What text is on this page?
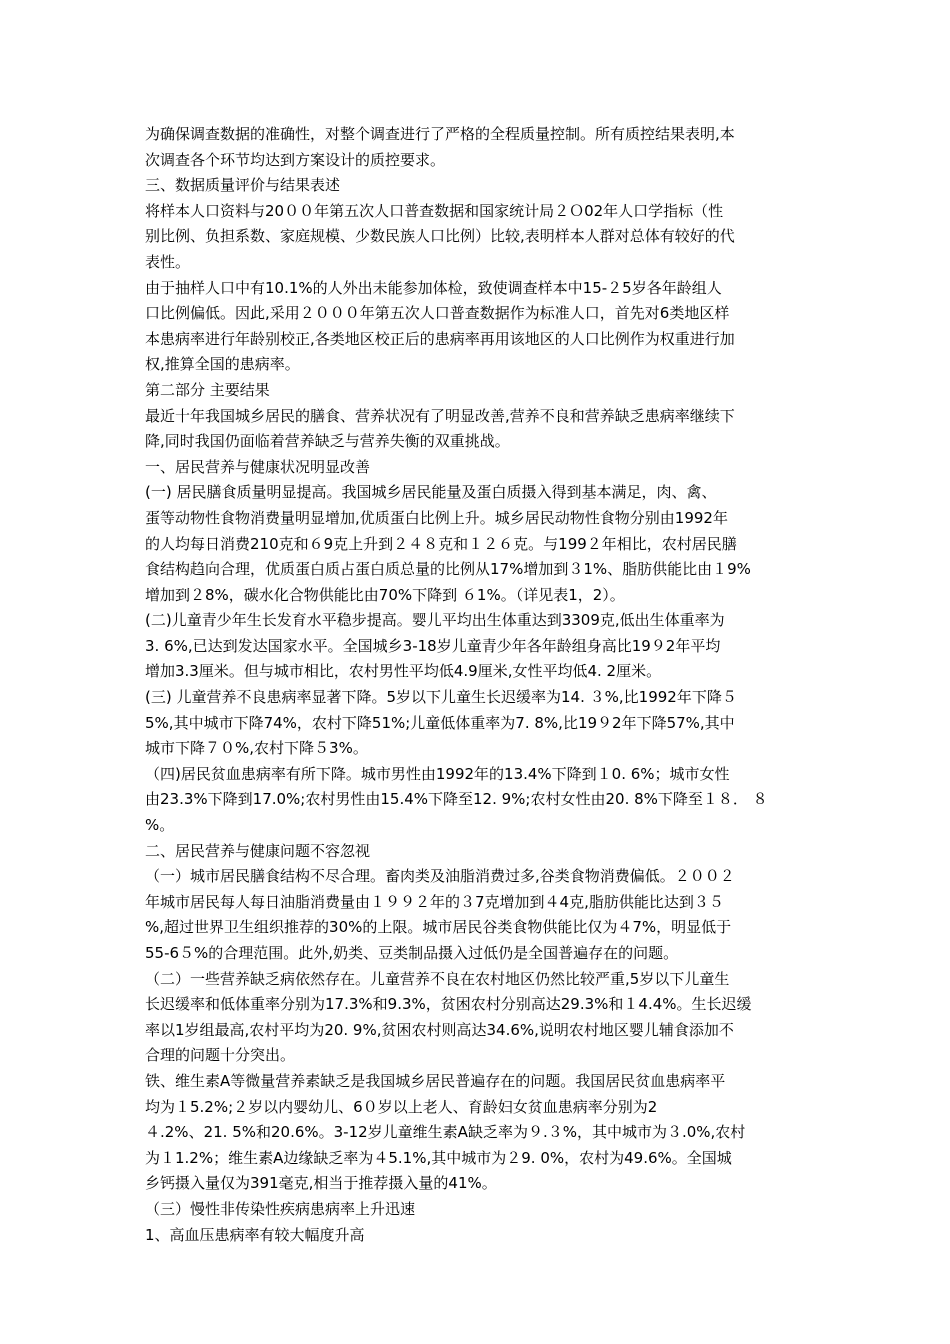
为确保调查数据的准确性，对整个调查进行了严格的全程质量控制。所有质控结果表明,本
次调查各个环节均达到方案设计的质控要求。
三、数据质量评价与结果表述
将样本人口资料与20００年第五次人口普查数据和国家统计局２Ｏ02年人口学指标（性
别比例、负担系数、家庭规模、少数民族人口比例）比较,表明样本人群对总体有较好的代
表性。
由于抽样人口中有10.1%的人外出未能参加体检，致使调查样本中15-２5岁各年龄组人
口比例偏低。因此,采用２０００年第五次人口普查数据作为标准人口，首先对6类地区样
本患病率进行年龄别校正,各类地区校正后的患病率再用该地区的人口比例作为权重进行加
权,推算全国的患病率。
第二部分 主要结果
最近十年我国城乡居民的膳食、营养状况有了明显改善,营养不良和营养缺乏患病率继续下
降,同时我国仍面临着营养缺乏与营养失衡的双重挑战。
一、居民营养与健康状况明显改善
(一) 居民膳食质量明显提高。我国城乡居民能量及蛋白质摄入得到基本满足，肉、禽、
蛋等动物性食物消费量明显增加,优质蛋白比例上升。城乡居民动物性食物分别由1992年
的人均每日消费210克和６9克上升到２４８克和１２６克。与199２年相比，农村居民膳
食结构趋向合理，优质蛋白质占蛋白质总量的比例从17%增加到３1%、脂肪供能比由１9%
增加到２8%，碳水化合物供能比由70%下降到 ６1%。（详见表1，2）。
(二)儿童青少年生长发育水平稳步提高。婴儿平均出生体重达到3309克,低出生体重率为
3. 6%,已达到发达国家水平。全国城乡3-18岁儿童青少年各年龄组身高比19９2年平均
增加3.3厘米。但与城市相比，农村男性平均低4.9厘米,女性平均低4. 2厘米。
(三) 儿童营养不良患病率显著下降。5岁以下儿童生长迟缓率为14. ３%,比1992年下降５
5%,其中城市下降74%，农村下降51%;儿童低体重率为7. 8%,比19９2年下降57%,其中
城市下降７０%,农村下降５3%。
（四)居民贫血患病率有所下降。城市男性由1992年的13.4%下降到１0. 6%；城市女性
由23.3%下降到17.0%;农村男性由15.4%下降至12. 9%;农村女性由20. 8%下降至１８． ８
%。
二、居民营养与健康问题不容忽视
（一）城市居民膳食结构不尽合理。畜肉类及油脂消费过多,谷类食物消费偏低。２００２
年城市居民每人每日油脂消费量由１９９２年的３7克增加到４4克,脂肪供能比达到３５
%,超过世界卫生组织推荐的30%的上限。城市居民谷类食物供能比仅为４7%，明显低于
55-6５%的合理范围。此外,奶类、豆类制品摄入过低仍是全国普遍存在的问题。
（二）一些营养缺乏病依然存在。儿童营养不良在农村地区仍然比较严重,5岁以下儿童生
长迟缓率和低体重率分别为17.3%和9.3%，贫困农村分别高达29.3%和１4.4%。生长迟缓
率以1岁组最高,农村平均为20. 9%,贫困农村则高达34.6%,说明农村地区婴儿辅食添加不
合理的问题十分突出。
铁、维生素A等微量营养素缺乏是我国城乡居民普遍存在的问题。我国居民贫血患病率平
均为１5.2%;２岁以内婴幼儿、6０岁以上老人、育龄妇女贫血患病率分别为2
４.2%、21. 5%和20.6%。3-12岁儿童维生素A缺乏率为９.３%，其中城市为３.0%,农村
为１1.2%；维生素A边缘缺乏率为４5.1%,其中城市为２9. 0%，农村为49.6%。全国城
乡钙摄入量仅为391毫克,相当于推荐摄入量的41%。
（三）慢性非传染性疾病患病率上升迅速
1、高血压患病率有较大幅度升高
